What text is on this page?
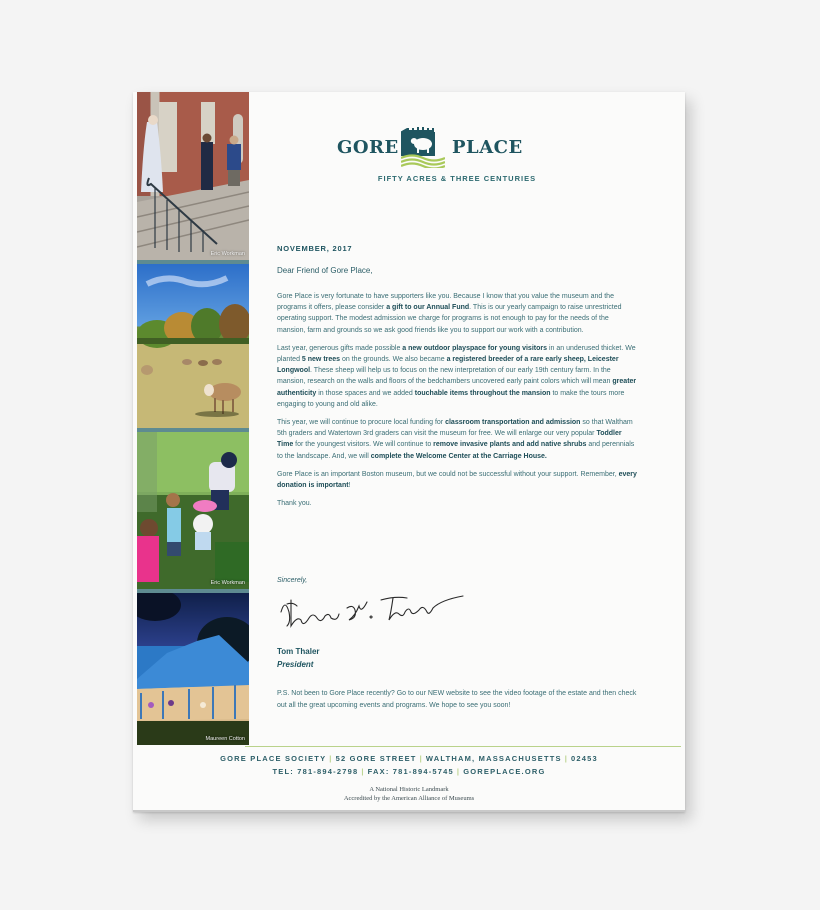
Eric Workman
Eric Workman
Maureen Cotton
GORE	PLACE
FIFTY ACRES & THREE CENTURIES
NOVEMBER, 2017
Dear Friend of Gore Place,

Gore Place is very fortunate to have supporters like you. Because I know that you value the museum and the programs it offers, please consider a gift to our Annual Fund. This is our yearly campaign to raise unrestricted operating support. The modest admission we charge for programs is not enough to pay for the needs of the mansion, farm and grounds so we ask good friends like you to support our work with a contribution.

Last year, generous gifts made possible a new outdoor playspace for young visitors in an underused thicket. We planted 5 new trees on the grounds. We also became a registered breeder of a rare early sheep, Leicester Longwool. These sheep will help us to focus on the new interpretation of our early 19th century farm. In the mansion, research on the walls and floors of the bedchambers uncovered early paint colors which will mean greater authenticity in those spaces and we added touchable items throughout the mansion to make the tours more engaging to young and old alike.

This year, we will continue to procure local funding for classroom transportation and admission so that Waltham 5th graders and Watertown 3rd graders can visit the museum for free. We will enlarge our very popular Toddler Time for the youngest visitors. We will continue to remove invasive plants and add native shrubs and perennials to the landscape. And, we will complete the Welcome Center at the Carriage House.

Gore Place is an important Boston museum, but we could not be successful without your support. Remember, every donation is important!

Thank you.

Sincerely,
Tom Thaler
President
P.S. Not been to Gore Place recently? Go to our NEW website to see the video footage of the estate and then check out all the great upcoming events and programs. We hope to see you soon!
GORE PLACE SOCIETY | 52 GORE STREET | WALTHAM, MASSACHUSETTS | 02453
TEL: 781-894-2798 | FAX: 781-894-5745 | GOREPLACE.ORG
A National Historic Landmark
Accredited by the American Alliance of Museums
